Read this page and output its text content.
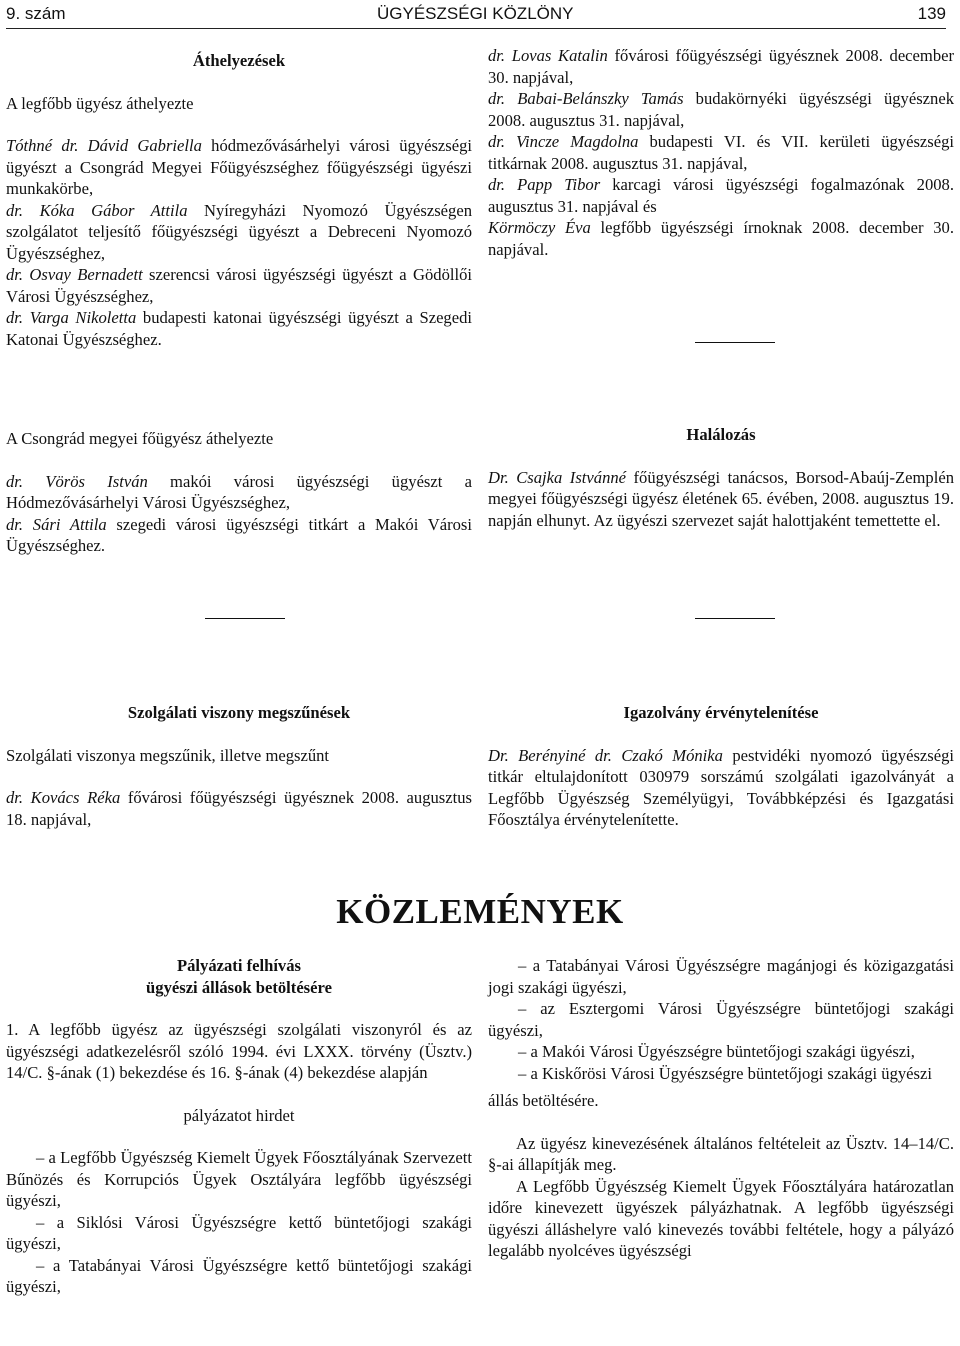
9. szám	ÜGYÉSZSÉGI KÖZLÖNY	139

Áthelyezések

A legfőbb ügyész áthelyezte

Tóthné dr. Dávid Gabriella hódmezővásárhelyi városi ügyészségi ügyészt a Csongrád Megyei Főügyészséghez főügyészségi ügyészi munkakörbe,

dr. Kóka Gábor Attila Nyíregyházi Nyomozó Ügyészségen szolgálatot teljesítő főügyészségi ügyészt a Debreceni Nyomozó Ügyészséghez,

dr. Osvay Bernadett szerencsi városi ügyészségi ügyészt a Gödöllői Városi Ügyészséghez,

dr. Varga Nikoletta budapesti katonai ügyészségi ügyészt a Szegedi Katonai Ügyészséghez.

dr. Lovas Katalin fővárosi főügyészségi ügyésznek 2008. december 30. napjával,

dr. Babai-Belánszky Tamás budakörnyéki ügyészségi ügyésznek 2008. augusztus 31. napjával,

dr. Vincze Magdolna budapesti VI. és VII. kerületi ügyészségi titkárnak 2008. augusztus 31. napjával,

dr. Papp Tibor karcagi városi ügyészségi fogalmazónak 2008. augusztus 31. napjával és

Körmöczy Éva legfőbb ügyészségi írnoknak 2008. december 30. napjával.

A Csongrád megyei főügyész áthelyezte

dr. Vörös István makói városi ügyészségi ügyészt a Hódmezővásárhelyi Városi Ügyészséghez,

dr. Sári Attila szegedi városi ügyészségi titkárt a Makói Városi Ügyészséghez.

Halálozás

Dr. Csajka Istvánné főügyészségi tanácsos, Borsod-Abaúj-Zemplén megyei főügyészségi ügyész életének 65. évében, 2008. augusztus 19. napján elhunyt. Az ügyészi szervezet saját halottjaként temettette el.

Szolgálati viszony megszűnések

Szolgálati viszonya megszűnik, illetve megszűnt

dr. Kovács Réka fővárosi főügyészségi ügyésznek 2008. augusztus 18. napjával,

Igazolvány érvénytelenítése

Dr. Berényiné dr. Czakó Mónika pestvidéki nyomozó ügyészségi titkár eltulajdonított 030979 sorszámú szolgálati igazolványát a Legfőbb Ügyészség Személyügyi, Továbbképzési és Igazgatási Főosztálya érvénytelenítette.

KÖZLEMÉNYEK

Pályázati felhívás

ügyészi állások betöltésére

1. A legfőbb ügyész az ügyészségi szolgálati viszonyról és az ügyészségi adatkezelésről szóló 1994. évi LXXX. törvény (Üsztv.) 14/C. §-ának (1) bekezdése és 16. §-ának (4) bekezdése alapján

pályázatot hirdet

– a Legfőbb Ügyészség Kiemelt Ügyek Főosztályának Szervezett Bűnözés és Korrupciós Ügyek Osztályára legfőbb ügyészségi ügyészi,

– a Siklósi Városi Ügyészségre kettő büntetőjogi szakági ügyészi,

– a Tatabányai Városi Ügyészségre kettő büntetőjogi szakági ügyészi,

– a Tatabányai Városi Ügyészségre magánjogi és közigazgatási jogi szakági ügyészi,

– az Esztergomi Városi Ügyészségre büntetőjogi szakági ügyészi,

– a Makói Városi Ügyészségre büntetőjogi szakági ügyészi,

– a Kiskőrösi Városi Ügyészségre büntetőjogi szakági ügyészi

állás betöltésére.

Az ügyész kinevezésének általános feltételeit az Üsztv. 14–14/C. §-ai állapítják meg.

A Legfőbb Ügyészség Kiemelt Ügyek Főosztályára határozatlan időre kinevezett ügyészek pályázhatnak. A legfőbb ügyészségi ügyészi álláshelyre való kinevezés további feltétele, hogy a pályázó legalább nyolcéves ügyészségi
